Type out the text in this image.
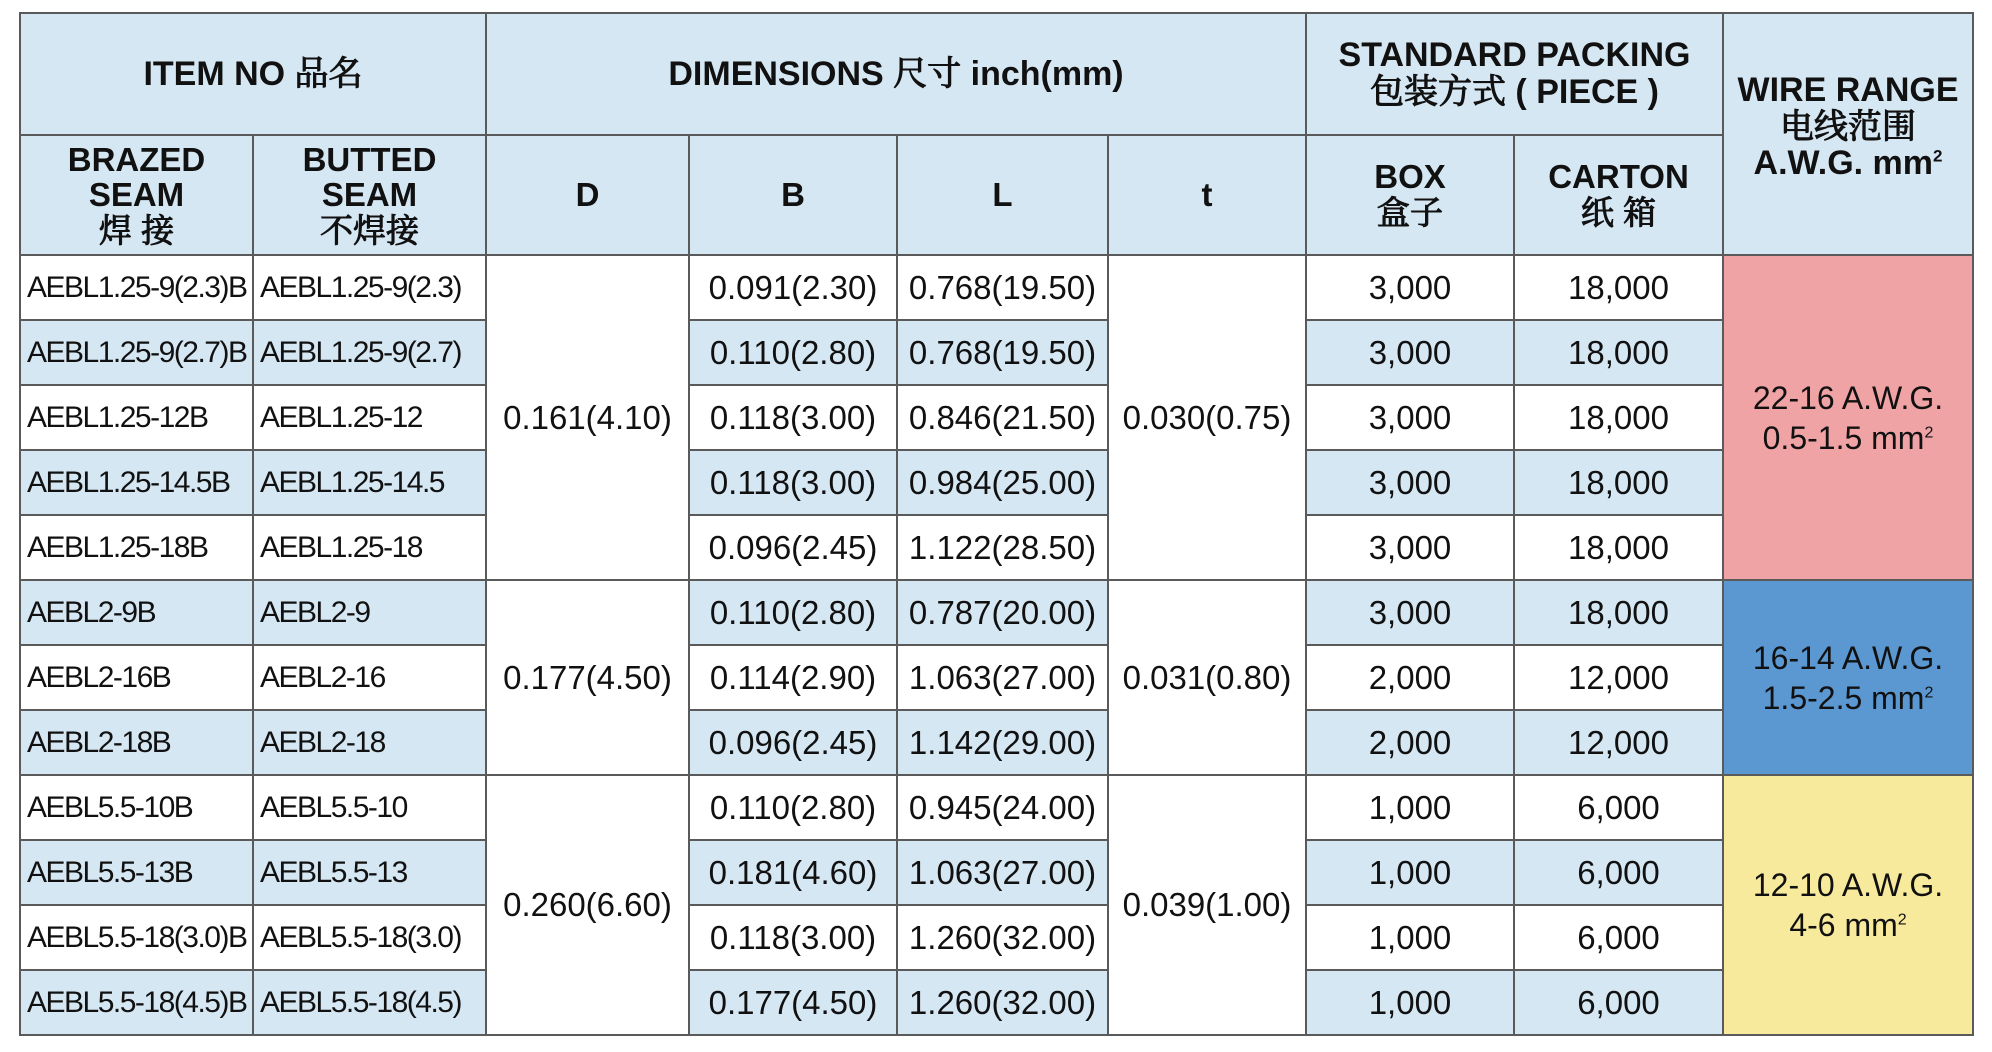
ITEM NO 品名		DIMENSIONS 尺寸 inch(mm)				STANDARD PACKING
包装方式 ( PIECE )		WIRE RANGE
电线范围
A.W.G. $mm^2$

BRAZED
SEAM
焊 接	BUTTED
SEAM
不焊接	D	B	L	t	BOX
盒子	CARTON
纸 箱	

AEBL1.25-9(2.3)B	AEBL1.25-9(2.3)	0.161(4.10)	0.091(2.30)	0.768(19.50)	0.030(0.75)	3,000	18,000	22-16 A.W.G.
0.5-1.5 $mm^2$

AEBL1.25-9(2.7)B	AEBL1.25-9(2.7)		0.110(2.80)	0.768(19.50)		3,000	18,000	
AEBL1.25-12B	AEBL1.25-12		0.118(3.00)	0.846(21.50)		3,000	18,000	
AEBL1.25-14.5B	AEBL1.25-14.5		0.118(3.00)	0.984(25.00)		3,000	18,000	
AEBL1.25-18B	AEBL1.25-18		0.096(2.45)	1.122(28.50)		3,000	18,000	
AEBL2-9B	AEBL2-9	0.177(4.50)	0.110(2.80)	0.787(20.00)	0.031(0.80)	3,000	18,000	16-14 A.W.G.
1.5-2.5 $mm^2$

AEBL2-16B	AEBL2-16		0.114(2.90)	1.063(27.00)		2,000	12,000	
AEBL2-18B	AEBL2-18		0.096(2.45)	1.142(29.00)		2,000	12,000	
AEBL5.5-10B	AEBL5.5-10	0.260(6.60)	0.110(2.80)	0.945(24.00)	0.039(1.00)	1,000	6,000	12-10 A.W.G.
4-6 $mm^2$

AEBL5.5-13B	AEBL5.5-13		0.181(4.60)	1.063(27.00)		1,000	6,000	
AEBL5.5-18(3.0)B	AEBL5.5-18(3.0)		0.118(3.00)	1.260(32.00)		1,000	6,000	
AEBL5.5-18(4.5)B	AEBL5.5-18(4.5)		0.177(4.50)	1.260(32.00)		1,000	6,000	
